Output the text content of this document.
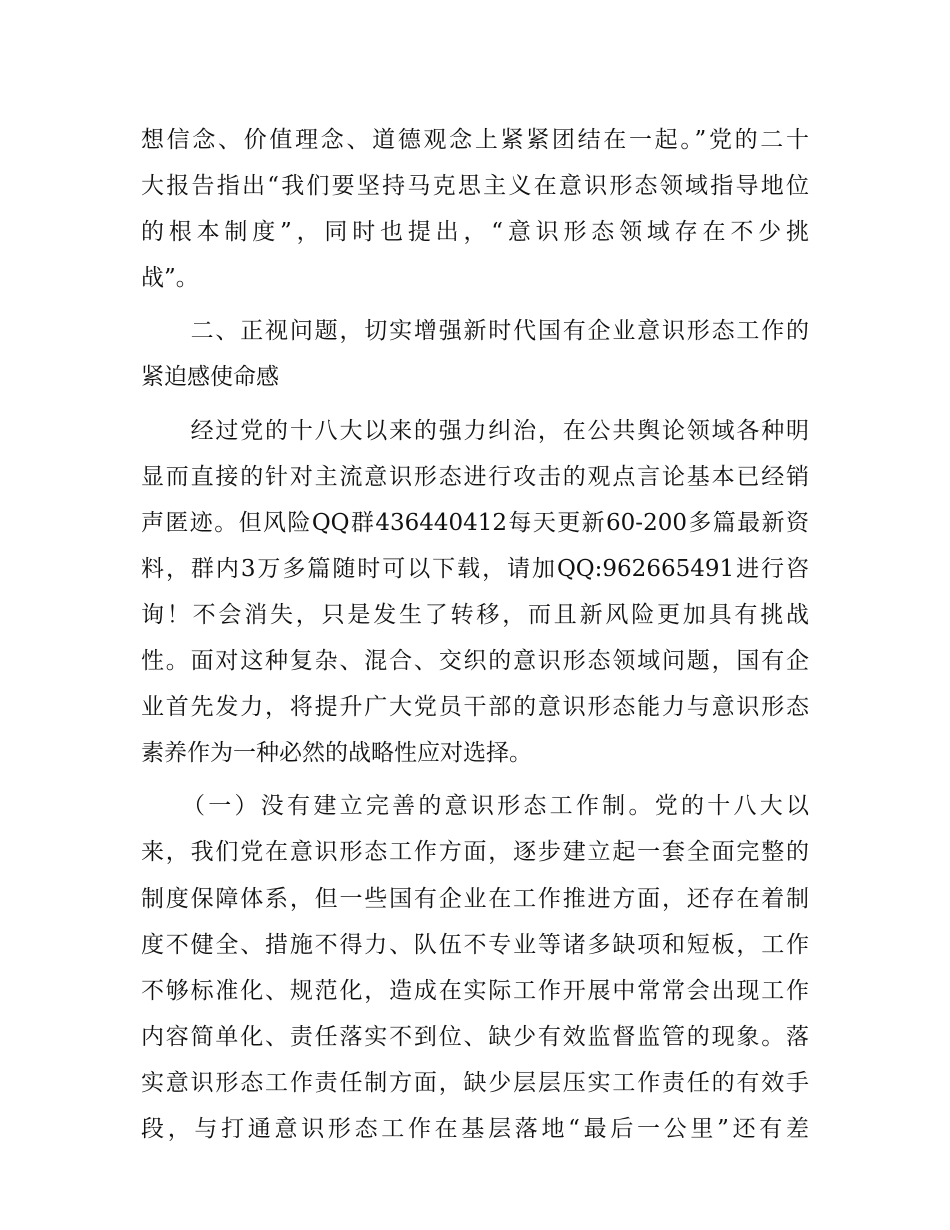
想信念、价值理念、道德观念上紧紧团结在一起。”党的二十
大报告指出“我们要坚持马克思主义在意识形态领域指导地位
的根本制度”，同时也提出，“意识形态领域存在不少挑
战”。
　　二、正视问题，切实增强新时代国有企业意识形态工作的
紧迫感使命感
　　经过党的十八大以来的强力纠治，在公共舆论领域各种明
显而直接的针对主流意识形态进行攻击的观点言论基本已经销
声匿迹。但风险QQ群436440412每天更新60-200多篇最新资
料，群内3万多篇随时可以下载，请加QQ:962665491进行咨
询！不会消失，只是发生了转移，而且新风险更加具有挑战
性。面对这种复杂、混合、交织的意识形态领域问题，国有企
业首先发力，将提升广大党员干部的意识形态能力与意识形态
素养作为一种必然的战略性应对选择。
　　（一）没有建立完善的意识形态工作制。党的十八大以
来，我们党在意识形态工作方面，逐步建立起一套全面完整的
制度保障体系，但一些国有企业在工作推进方面，还存在着制
度不健全、措施不得力、队伍不专业等诸多缺项和短板，工作
不够标准化、规范化，造成在实际工作开展中常常会出现工作
内容简单化、责任落实不到位、缺少有效监督监管的现象。落
实意识形态工作责任制方面，缺少层层压实工作责任的有效手
段，与打通意识形态工作在基层落地“最后一公里”还有差
